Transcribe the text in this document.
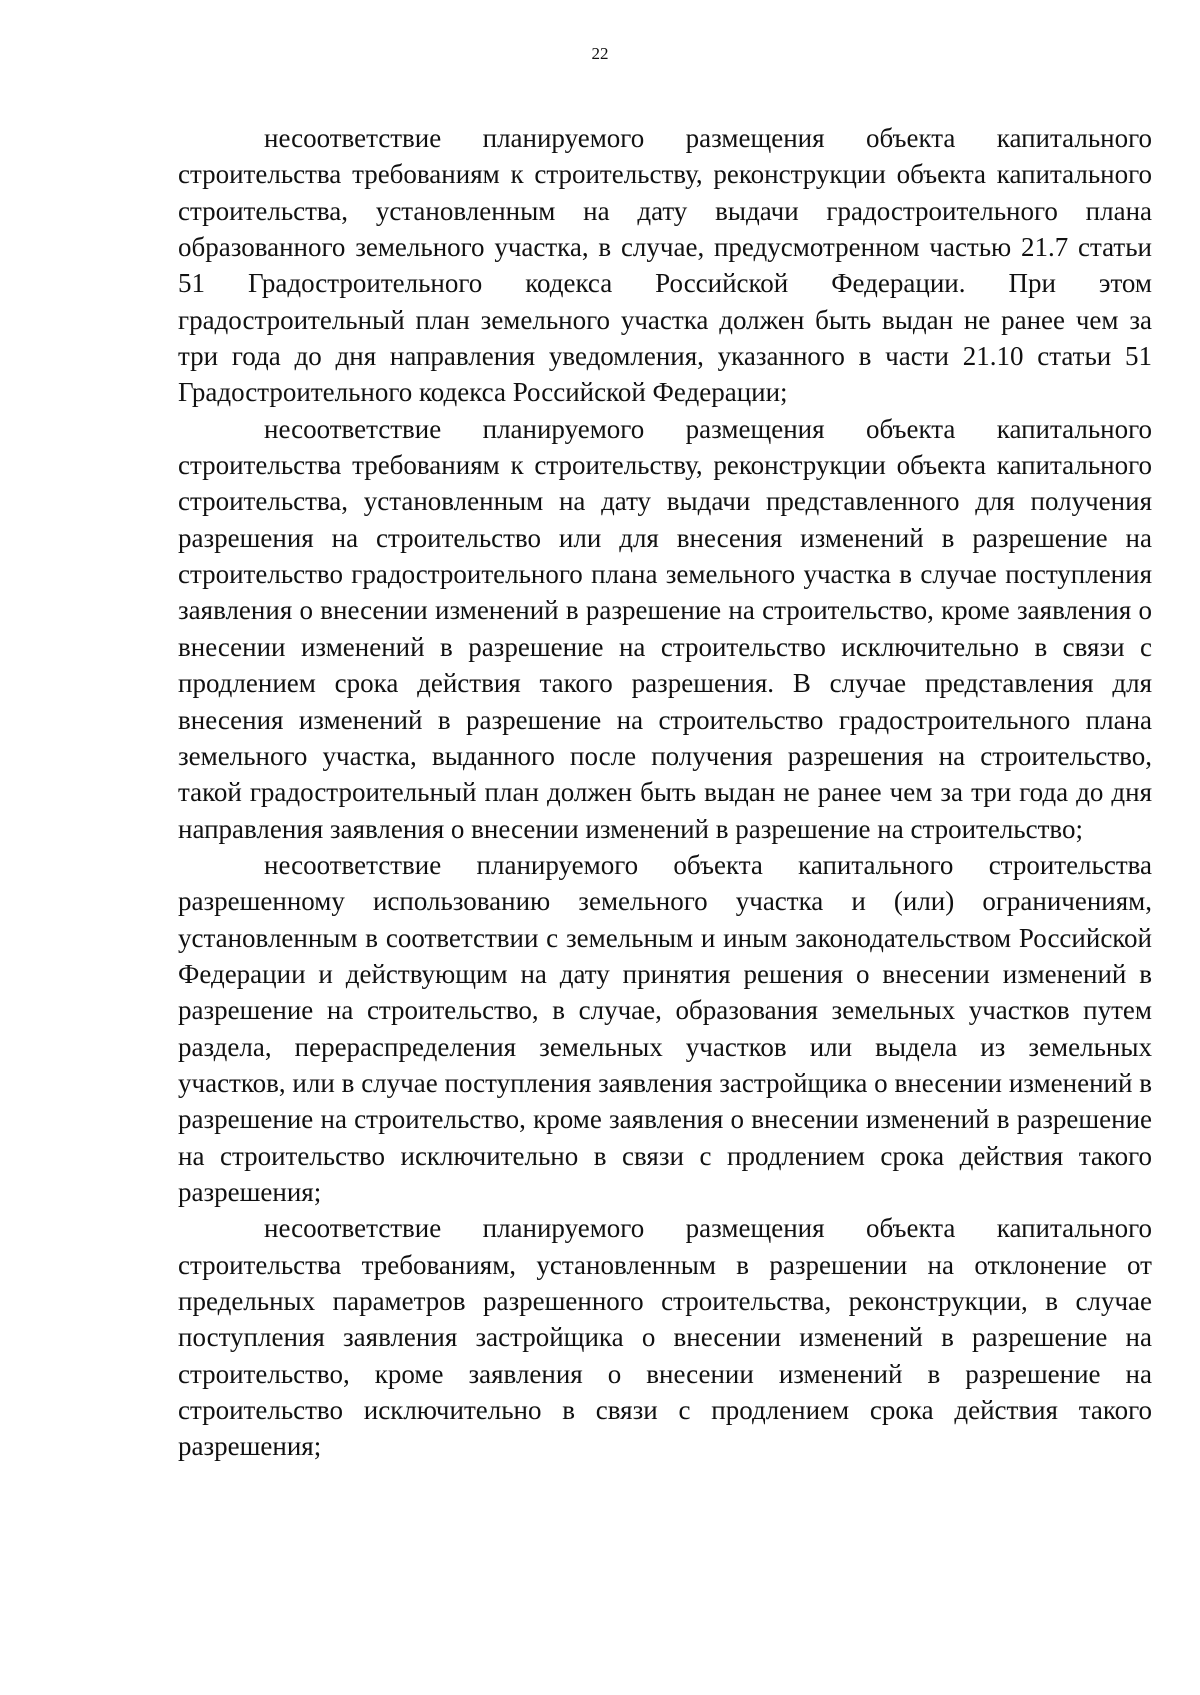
22

несоответствие планируемого размещения объекта капитального строительства требованиям к строительству, реконструкции объекта капитального строительства, установленным на дату выдачи градостроительного плана образованного земельного участка, в случае, предусмотренном частью 21.7 статьи 51 Градостроительного кодекса Российской Федерации. При этом градостроительный план земельного участка должен быть выдан не ранее чем за три года до дня направления уведомления, указанного в части 21.10 статьи 51 Градостроительного кодекса Российской Федерации;

несоответствие планируемого размещения объекта капитального строительства требованиям к строительству, реконструкции объекта капитального строительства, установленным на дату выдачи представленного для получения разрешения на строительство или для внесения изменений в разрешение на строительство градостроительного плана земельного участка в случае поступления заявления о внесении изменений в разрешение на строительство, кроме заявления о внесении изменений в разрешение на строительство исключительно в связи с продлением срока действия такого разрешения. В случае представления для внесения изменений в разрешение на строительство градостроительного плана земельного участка, выданного после получения разрешения на строительство, такой градостроительный план должен быть выдан не ранее чем за три года до дня направления заявления о внесении изменений в разрешение на строительство;

несоответствие планируемого объекта капитального строительства разрешенному использованию земельного участка и (или) ограничениям, установленным в соответствии с земельным и иным законодательством Российской Федерации и действующим на дату принятия решения о внесении изменений в разрешение на строительство, в случае, образования земельных участков путем раздела, перераспределения земельных участков или выдела из земельных участков, или в случае поступления заявления застройщика о внесении изменений в разрешение на строительство, кроме заявления о внесении изменений в разрешение на строительство исключительно в связи с продлением срока действия такого разрешения;

несоответствие планируемого размещения объекта капитального строительства требованиям, установленным в разрешении на отклонение от предельных параметров разрешенного строительства, реконструкции, в случае поступления заявления застройщика о внесении изменений в разрешение на строительство, кроме заявления о внесении изменений в разрешение на строительство исключительно в связи с продлением срока действия такого разрешения;
